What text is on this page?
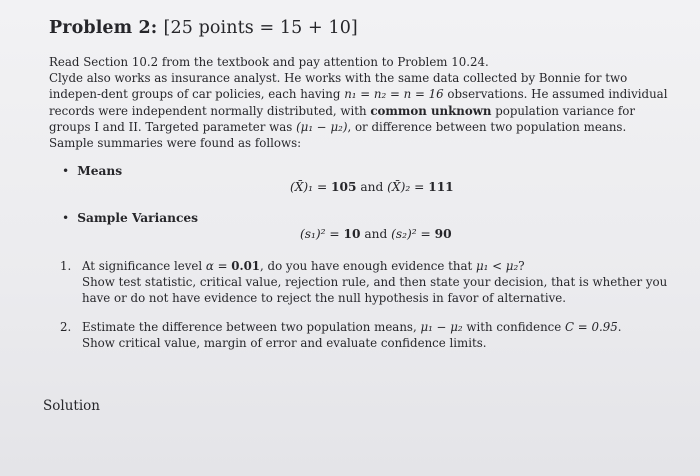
Problem 2: [25 points = 15 + 10]

Read Section 10.2 from the textbook and pay attention to Problem 10.24.

Clyde also works as insurance analyst. He works with the same data collected by Bonnie for two indepen-dent groups of car policies, each having n₁ = n₂ = n = 16 observations. He assumed individual records were independent normally distributed, with common unknown population variance for groups I and II. Targeted parameter was (μ₁ − μ₂), or difference between two population means.

Sample summaries were found as follows:

• Means
(X̄)₁ = 105 and (X̄)₂ = 111
• Sample Variances
(s₁)² = 10 and (s₂)² = 90
1. At significance level α = 0.01, do you have enough evidence that μ₁ < μ₂?

Show test statistic, critical value, rejection rule, and then state your decision, that is whether you have or do not have evidence to reject the null hypothesis in favor of alternative.

2. Estimate the difference between two population means, μ₁ − μ₂ with confidence C = 0.95.

Show critical value, margin of error and evaluate confidence limits.

Solution
